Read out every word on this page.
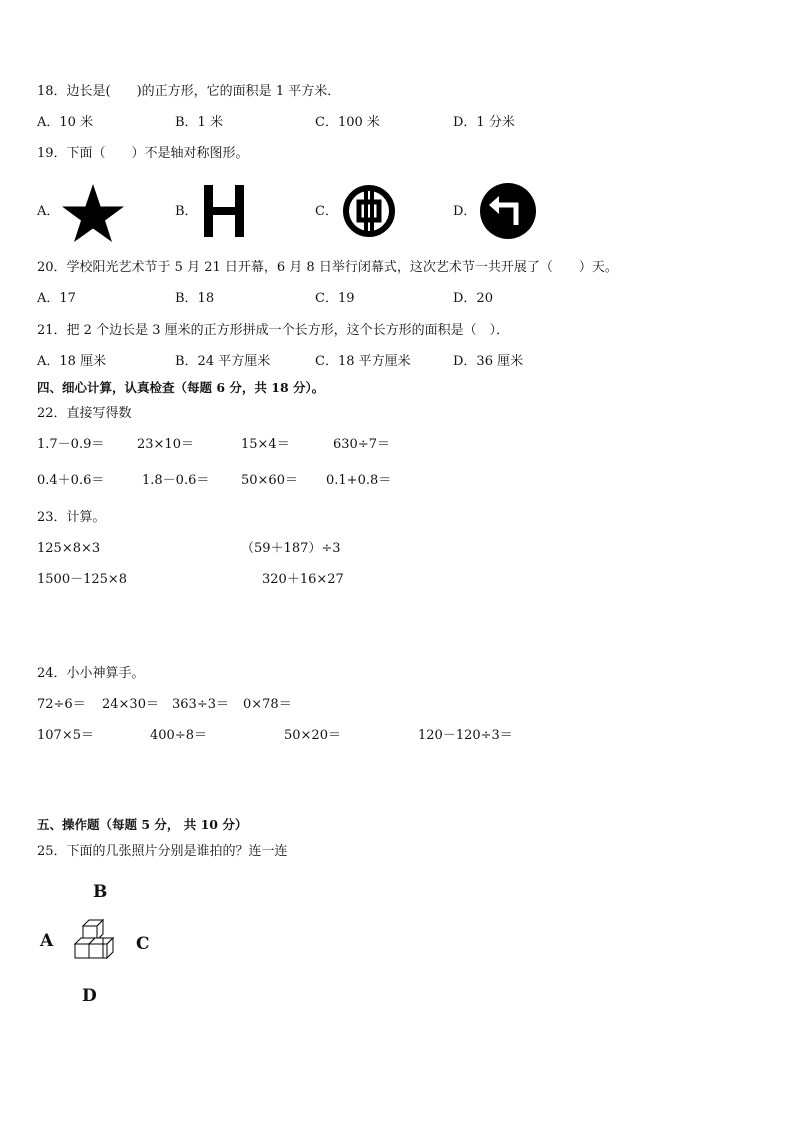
18．边长是(　　)的正方形，它的面积是 1 平方米．
A．10 米	B．1 米	C．100 米	D．1 分米
19．下面（　　）不是轴对称图形。
A．	B．	C．	D．
20．学校阳光艺术节于 5 月 21 日开幕，6 月 8 日举行闭幕式，这次艺术节一共开展了（　　）天。
A．17	B．18	C．19	D．20
21．把 2 个边长是 3 厘米的正方形拼成一个长方形，这个长方形的面积是（　）．
A．18 厘米	B．24 平方厘米	C．18 平方厘米	D．36 厘米
四、细心计算，认真检查（每题 6 分，共 18 分）。
22．直接写得数
1.7－0.9＝	23×10＝	15×4＝	630÷7＝
0.4＋0.6＝	1.8－0.6＝ 50×60＝ 0.1+0.8＝
23．计算。
125×8×3	（59＋187）÷3
1500－125×8	320＋16×27
24．小小神算手。
72÷6＝ 24×30＝ 363÷3＝ 0×78＝
107×5＝	400÷8＝	50×20＝	120－120÷3＝
五、操作题（每题 5 分， 共 10 分）
25．下面的几张照片分别是谁拍的？连一连
B
A	C
D
